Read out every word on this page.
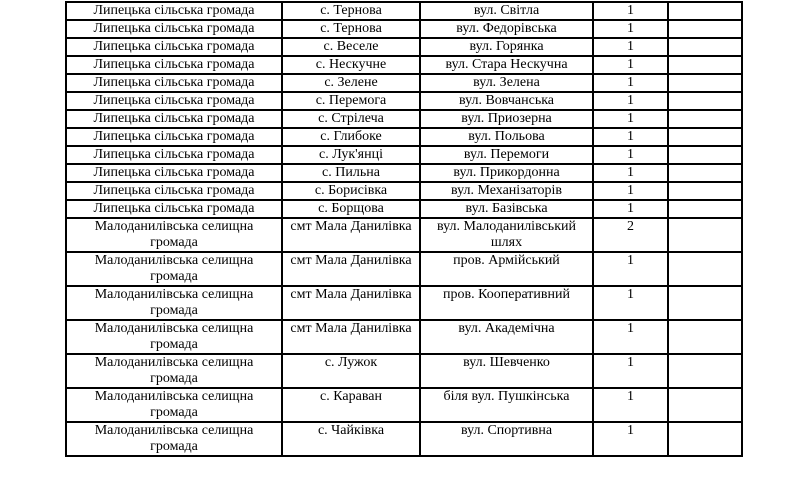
Липецька сільська громада	с. Тернова	вул. Світла	1	
Липецька сільська громада	с. Тернова	вул. Федорівська	1	
Липецька сільська громада	с. Веселе	вул. Горянка	1	
Липецька сільська громада	с. Нескучне	вул. Стара Нескучна	1	
Липецька сільська громада	с. Зелене	вул. Зелена	1	
Липецька сільська громада	с. Перемога	вул. Вовчанська	1	
Липецька сільська громада	с. Стрілеча	вул. Приозерна	1	
Липецька сільська громада	с. Глибоке	вул. Польова	1	
Липецька сільська громада	с. Лук'янці	вул. Перемоги	1	
Липецька сільська громада	с. Пильна	вул. Прикордонна	1	
Липецька сільська громада	с. Борисівка	вул. Механізаторів	1	
Липецька сільська громада	с. Борщова	вул. Базівська	1	
Малоданилівська селищна громада	смт Мала Данилівка	вул. Малоданилівський шлях	2	
Малоданилівська селищна громада	смт Мала Данилівка	пров. Армійський	1	
Малоданилівська селищна громада	смт Мала Данилівка	пров. Кооперативний	1	
Малоданилівська селищна громада	смт Мала Данилівка	вул. Академічна	1	
Малоданилівська селищна громада	с. Лужок	вул. Шевченко	1	
Малоданилівська селищна громада	с. Караван	біля вул. Пушкінська	1	
Малоданилівська селищна громада	с. Чайківка	вул. Спортивна	1	
